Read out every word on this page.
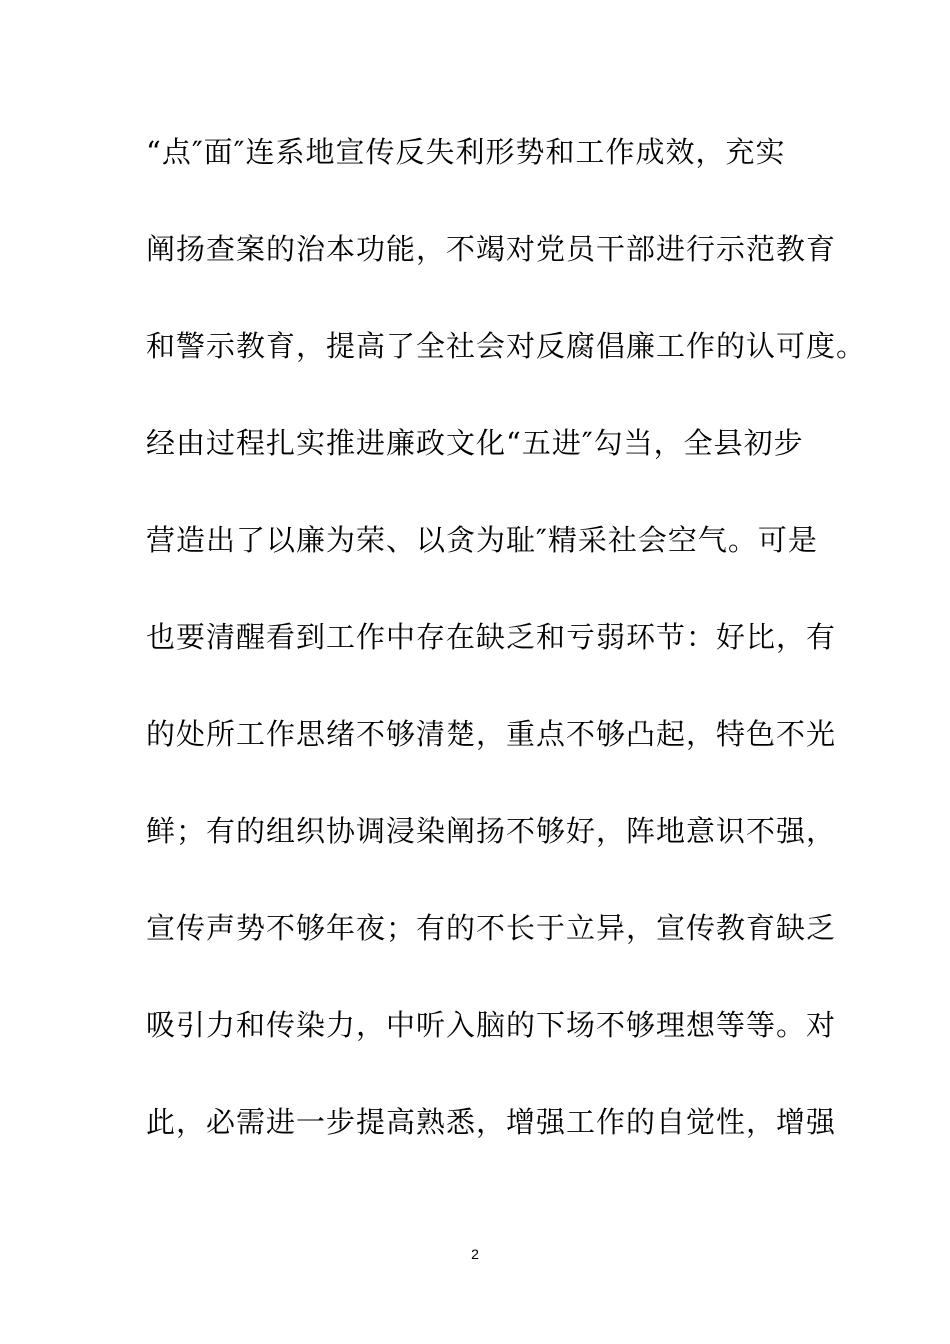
“点″面″连系地宣传反失利形势和工作成效，充实
阐扬查案的治本功能，不竭对党员干部进行示范教育
和警示教育，提高了全社会对反腐倡廉工作的认可度。
经由过程扎实推进廉政文化“五进″勾当，全县初步
营造出了以廉为荣、以贪为耻″精采社会空气。可是
也要清醒看到工作中存在缺乏和亏弱环节：好比，有
的处所工作思绪不够清楚，重点不够凸起，特色不光
鲜；有的组织协调浸染阐扬不够好，阵地意识不强，
宣传声势不够年夜；有的不长于立异，宣传教育缺乏
吸引力和传染力，中听入脑的下场不够理想等等。对
此，必需进一步提高熟悉，增强工作的自觉性，增强
2
